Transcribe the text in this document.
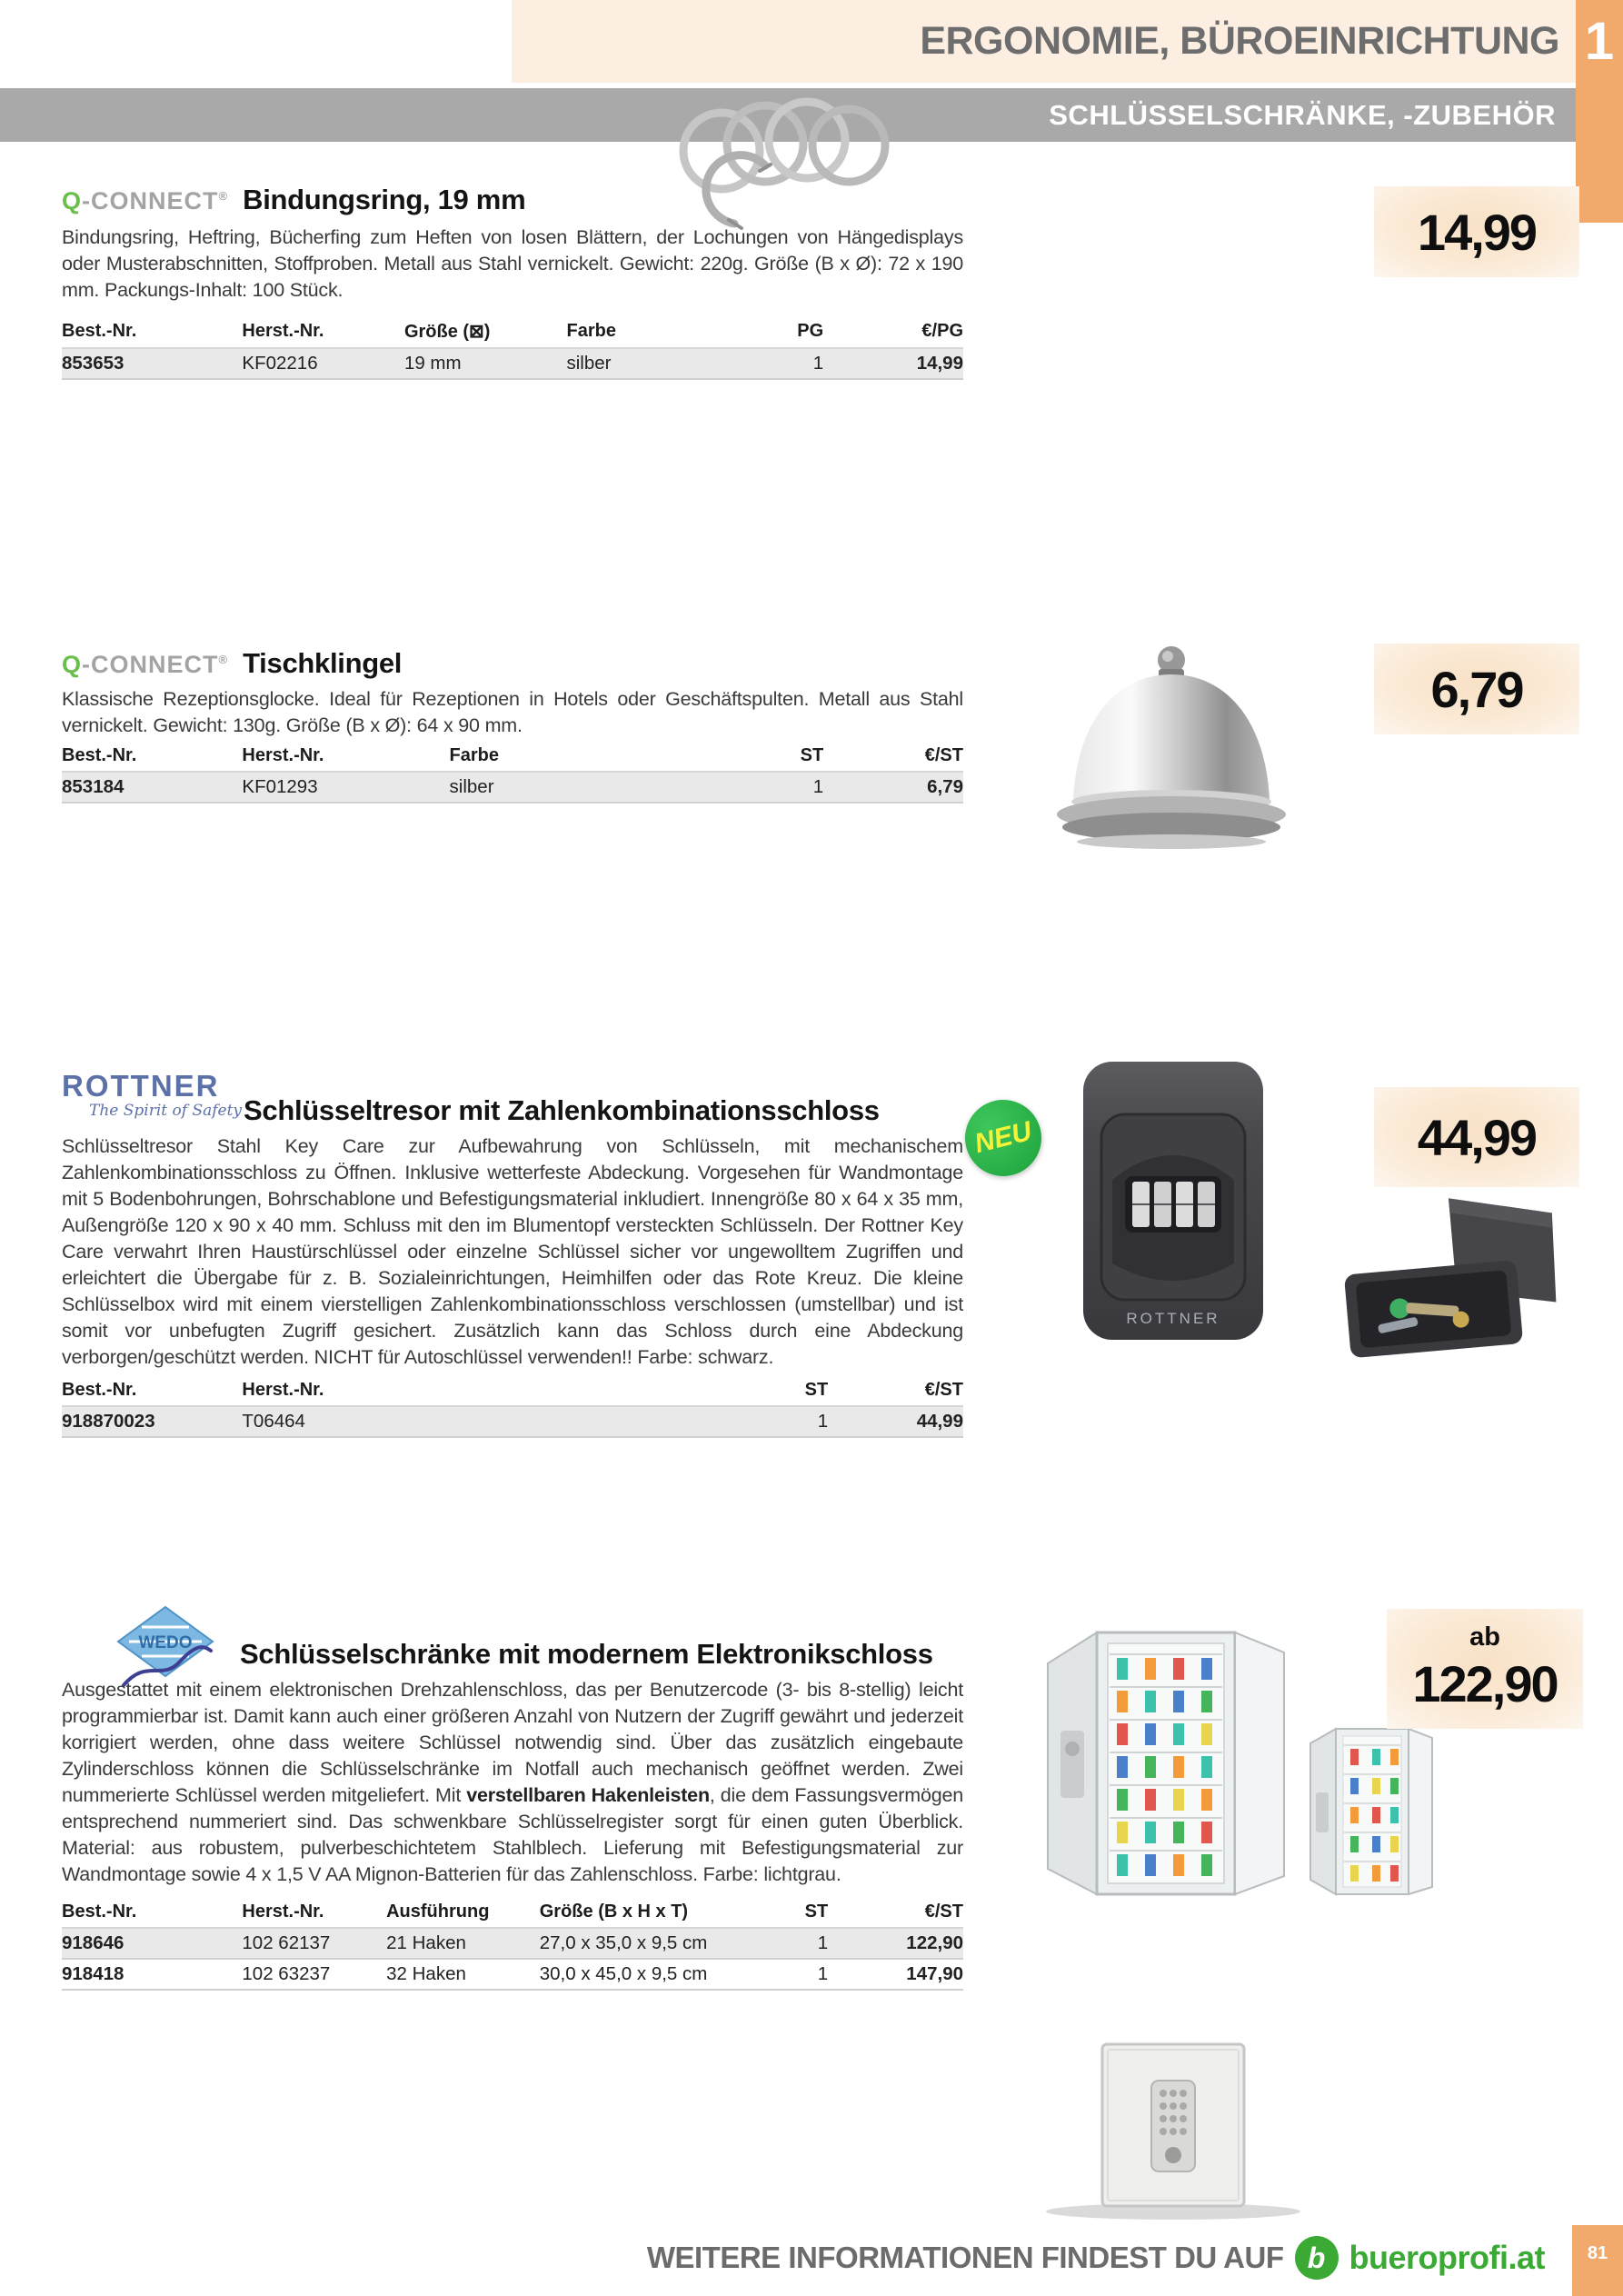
ERGONOMIE, BÜROEINRICHTUNG 1
SCHLÜSSELSCHRÄNKE, -ZUBEHÖR
Q-CONNECT® Bindungsring, 19 mm

Bindungsring, Heftring, Bücherfing zum Heften von losen Blättern, der Lochungen von Hängedisplays oder Musterabschnitten, Stoffproben. Metall aus Stahl vernickelt. Gewicht: 220g. Größe (B x Ø): 72 x 190 mm. Packungs-Inhalt: 100 Stück.

Best.-Nr.	Herst.-Nr.	Größe (⊠)	Farbe	PG	€/PG
853653	KF02216	19 mm	silber	1	14,99
14,99
Q-CONNECT® Tischklingel

Klassische Rezeptionsglocke. Ideal für Rezeptionen in Hotels oder Geschäftspulten. Metall aus Stahl vernickelt. Gewicht: 130g. Größe (B x Ø): 64 x 90 mm.

Best.-Nr.	Herst.-Nr.	Farbe	ST	€/ST
853184	KF01293	silber	1	6,79
6,79
ROTTNER
The Spirit of Safety Schlüsseltresor mit Zahlenkombinationsschloss

Schlüsseltresor Stahl Key Care zur Aufbewahrung von Schlüsseln, mit mechanischem Zahlenkombinationsschloss zu Öffnen. Inklusive wetterfeste Abdeckung. Vorgesehen für Wandmontage mit 5 Bodenbohrungen, Bohrschablone und Befestigungsmaterial inkludiert. Innengröße 80 x 64 x 35 mm, Außengröße 120 x 90 x 40 mm. Schluss mit den im Blumentopf versteckten Schlüsseln. Der Rottner Key Care verwahrt Ihren Haustürschlüssel oder einzelne Schlüssel sicher vor ungewolltem Zugriffen und erleichtert die Übergabe für z. B. Sozialeinrichtungen, Heimhilfen oder das Rote Kreuz. Die kleine Schlüsselbox wird mit einem vierstelligen Zahlenkombinationsschloss verschlossen (umstellbar) und ist somit vor unbefugten Zugriff gesichert. Zusätzlich kann das Schloss durch eine Abdeckung verborgen/geschützt werden. NICHT für Autoschlüssel verwenden!! Farbe: schwarz.

Best.-Nr.	Herst.-Nr.	ST	€/ST
918870023	T06464	1	44,99
NEU
ROTTNER
44,99
WEDO Schlüsselschränke mit modernem Elektronikschloss

Ausgestattet mit einem elektronischen Drehzahlenschloss, das per Benutzercode (3- bis 8-stellig) leicht programmierbar ist. Damit kann auch einer größeren Anzahl von Nutzern der Zugriff gewährt und jederzeit korrigiert werden, ohne dass weitere Schlüssel notwendig sind. Über das zusätzlich eingebaute Zylinderschloss können die Schlüsselschränke im Notfall auch mechanisch geöffnet werden. Zwei nummerierte Schlüssel werden mitgeliefert. Mit verstellbaren Hakenleisten, die dem Fassungsvermögen entsprechend nummeriert sind. Das schwenkbare Schlüsselregister sorgt für einen guten Überblick. Material: aus robustem, pulverbeschichtetem Stahlblech. Lieferung mit Befestigungsmaterial zur Wandmontage sowie 4 x 1,5 V AA Mignon-Batterien für das Zahlenschloss. Farbe: lichtgrau.

Best.-Nr.	Herst.-Nr.	Ausführung	Größe (B x H x T)	ST	€/ST
918646	102 62137	21 Haken	27,0 x 35,0 x 9,5 cm	1	122,90
918418	102 63237	32 Haken	30,0 x 45,0 x 9,5 cm	1	147,90
ab
122,90
WEITERE INFORMATIONEN FINDEST DU AUF b bueroprofi.at	81
